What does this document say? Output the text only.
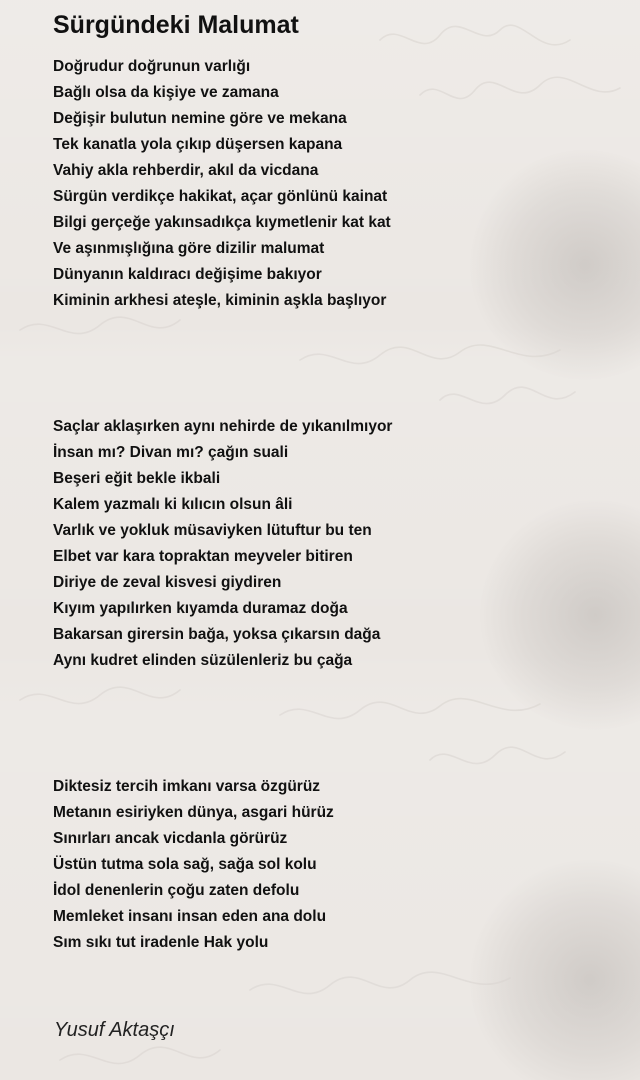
Sürgündeki Malumat
Doğrudur doğrunun varlığı
Bağlı olsa da kişiye ve zamana
Değişir bulutun nemine göre ve mekana
Tek kanatla yola çıkıp düşersen kapana
Vahiy akla rehberdir, akıl da vicdana
Sürgün verdikçe hakikat, açar gönlünü kainat
Bilgi gerçeğe yakınsadıkça kıymetlenir kat kat
Ve aşınmışlığına göre dizilir malumat
Dünyanın kaldıracı değişime bakıyor
Kiminin arkhesi ateşle, kiminin aşkla başlıyor
Saçlar aklaşırken aynı nehirde de yıkanılmıyor
İnsan mı? Divan mı? çağın suali
Beşeri eğit bekle ikbali
Kalem yazmalı ki kılıcın olsun âli
Varlık ve yokluk müsaviyken lütuftur bu ten
Elbet var kara topraktan meyveler bitiren
Diriye de zeval kisvesi giydiren
Kıyım yapılırken kıyamda duramaz doğa
Bakarsan girersin bağa, yoksa çıkarsın dağa
Aynı kudret elinden süzülenleriz bu çağa
Diktesiz tercih imkanı varsa özgürüz
Metanın esiriyken dünya, asgari hürüz
Sınırları ancak vicdanla görürüz
Üstün tutma sola sağ, sağa sol kolu
İdol denenlerin çoğu zaten defolu
Memleket insanı insan eden ana dolu
Sım sıkı tut iradenle Hak yolu
Yusuf Aktaşçı
